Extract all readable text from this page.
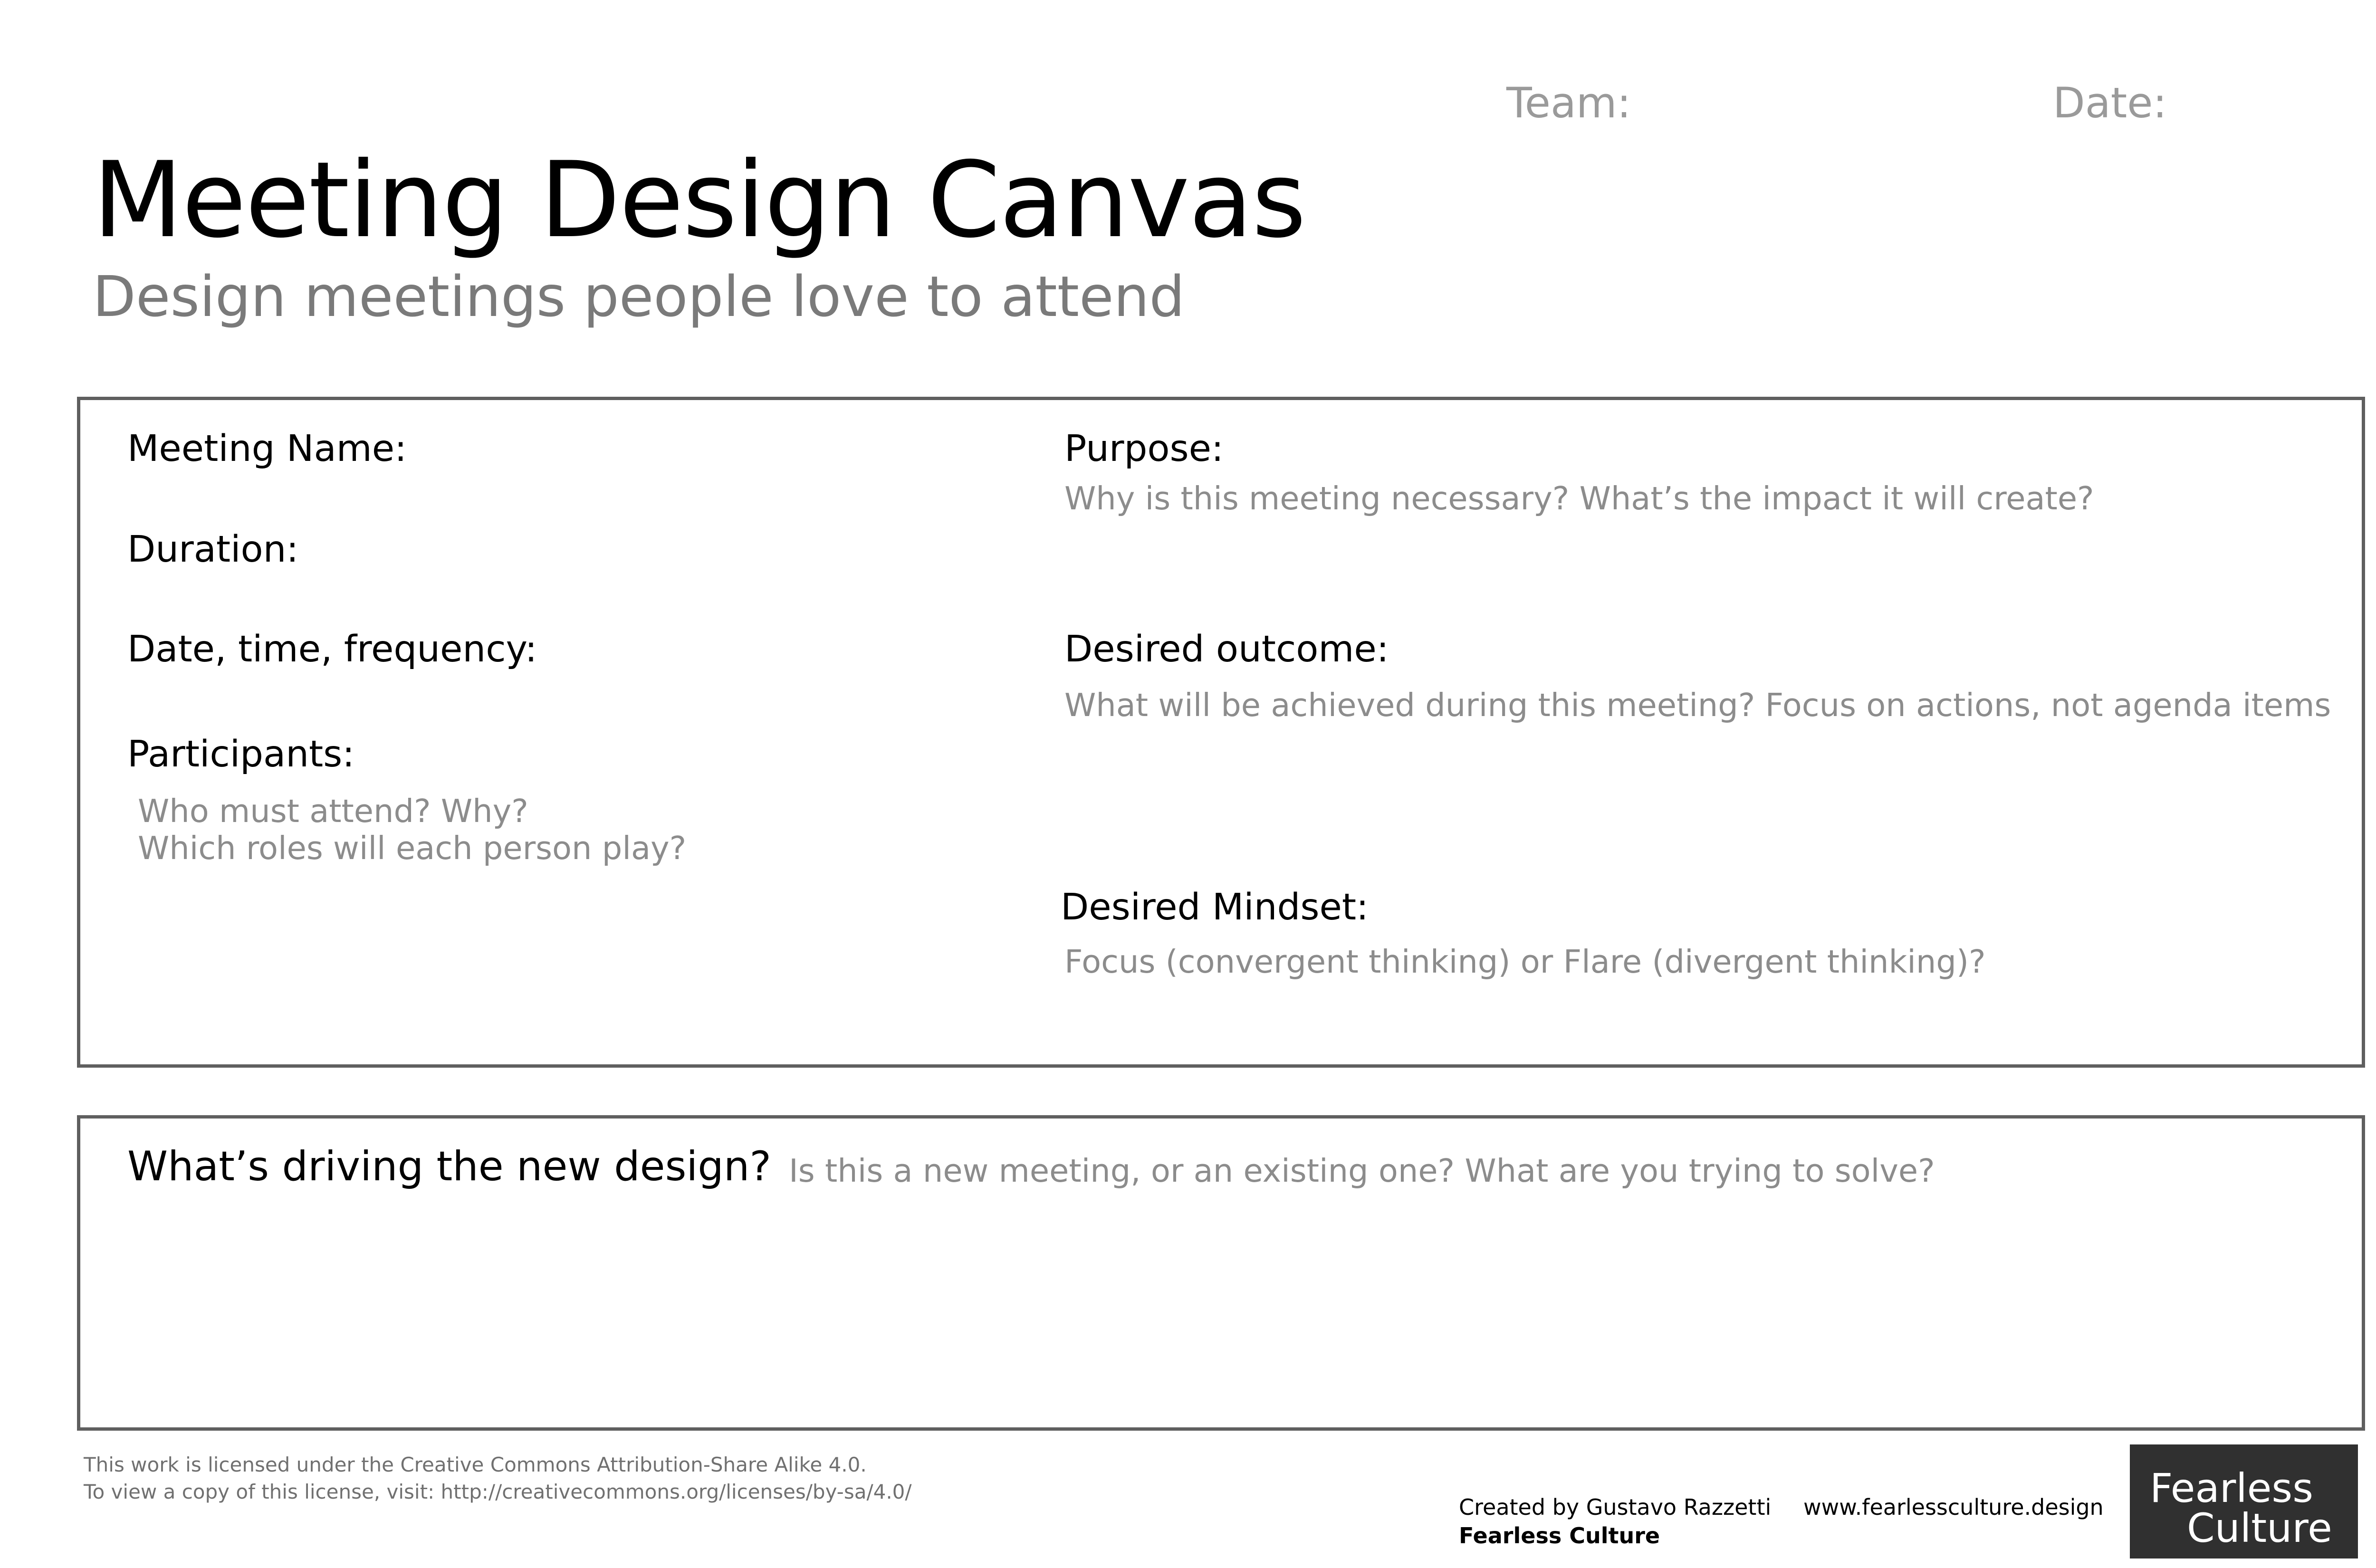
Team:	Date:
Meeting Design Canvas
Design meetings people love to attend
Meeting Name:
Duration:
Date, time, frequency:
Participants:
Who must attend? Why?
Which roles will each person play?
Purpose:
Why is this meeting necessary? What’s the impact it will create?
Desired outcome:
What will be achieved during this meeting? Focus on actions, not agenda items
Desired Mindset:
Focus (convergent thinking) or Flare (divergent thinking)?
What’s driving the new design? Is this a new meeting, or an existing one? What are you trying to solve?
This work is licensed under the Creative Commons Attribution-Share Alike 4.0.
To view a copy of this license, visit: http://creativecommons.org/licenses/by-sa/4.0/
Created by Gustavo Razzetti
Fearless Culture
www.fearlessculture.design Fearless
Culture
